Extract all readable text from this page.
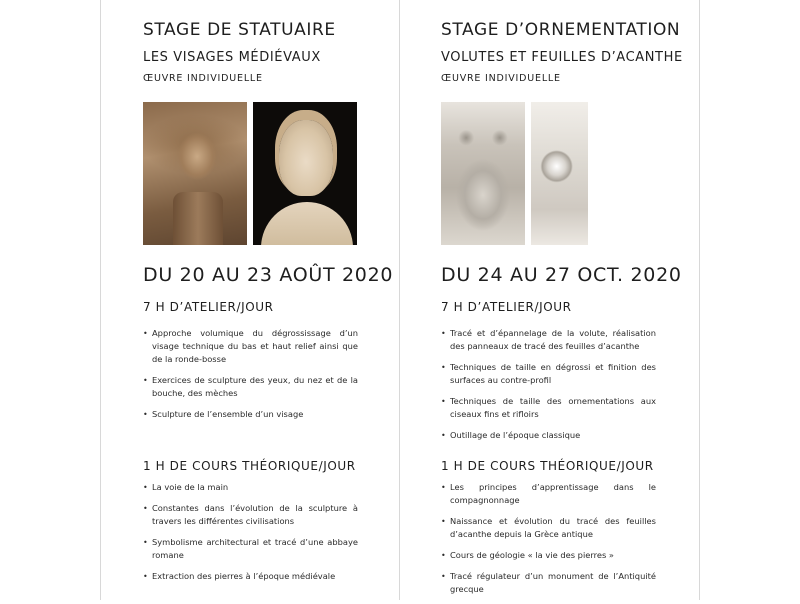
STAGE DE STATUAIRE
LES VISAGES MÉDIÉVAUX
ŒUVRE INDIVIDUELLE
DU 20 AU 23 AOÛT 2020
7 H D’ATELIER/JOUR
• Approche volumique du dégrossissage d’un visage technique du bas et haut relief ainsi que de la ronde-bosse
• Exercices de sculpture des yeux, du nez et de la bouche, des mèches
• Sculpture de l’ensemble d’un visage
1 H DE COURS THÉORIQUE/JOUR
• La voie de la main
• Constantes dans l’évolution de la sculpture à travers les différentes civilisations
• Symbolisme architectural et tracé d’une abbaye romane
• Extraction des pierres à l’époque médiévale
STAGE D’ORNEMENTATION
VOLUTES ET FEUILLES D’ACANTHE
ŒUVRE INDIVIDUELLE
DU 24 AU 27 OCT. 2020
7 H D’ATELIER/JOUR
• Tracé et d’épannelage de la volute, réalisation des panneaux de tracé des feuilles d’acanthe
• Techniques de taille en dégrossi et finition des surfaces au contre-profil
• Techniques de taille des ornementations aux ciseaux fins et rifloirs
• Outillage de l’époque classique
1 H DE COURS THÉORIQUE/JOUR
• Les principes d’apprentissage dans le compagnonnage
• Naissance et évolution du tracé des feuilles d’acanthe depuis la Grèce antique
• Cours de géologie « la vie des pierres »
• Tracé régulateur d’un monument de l’Antiquité grecque
